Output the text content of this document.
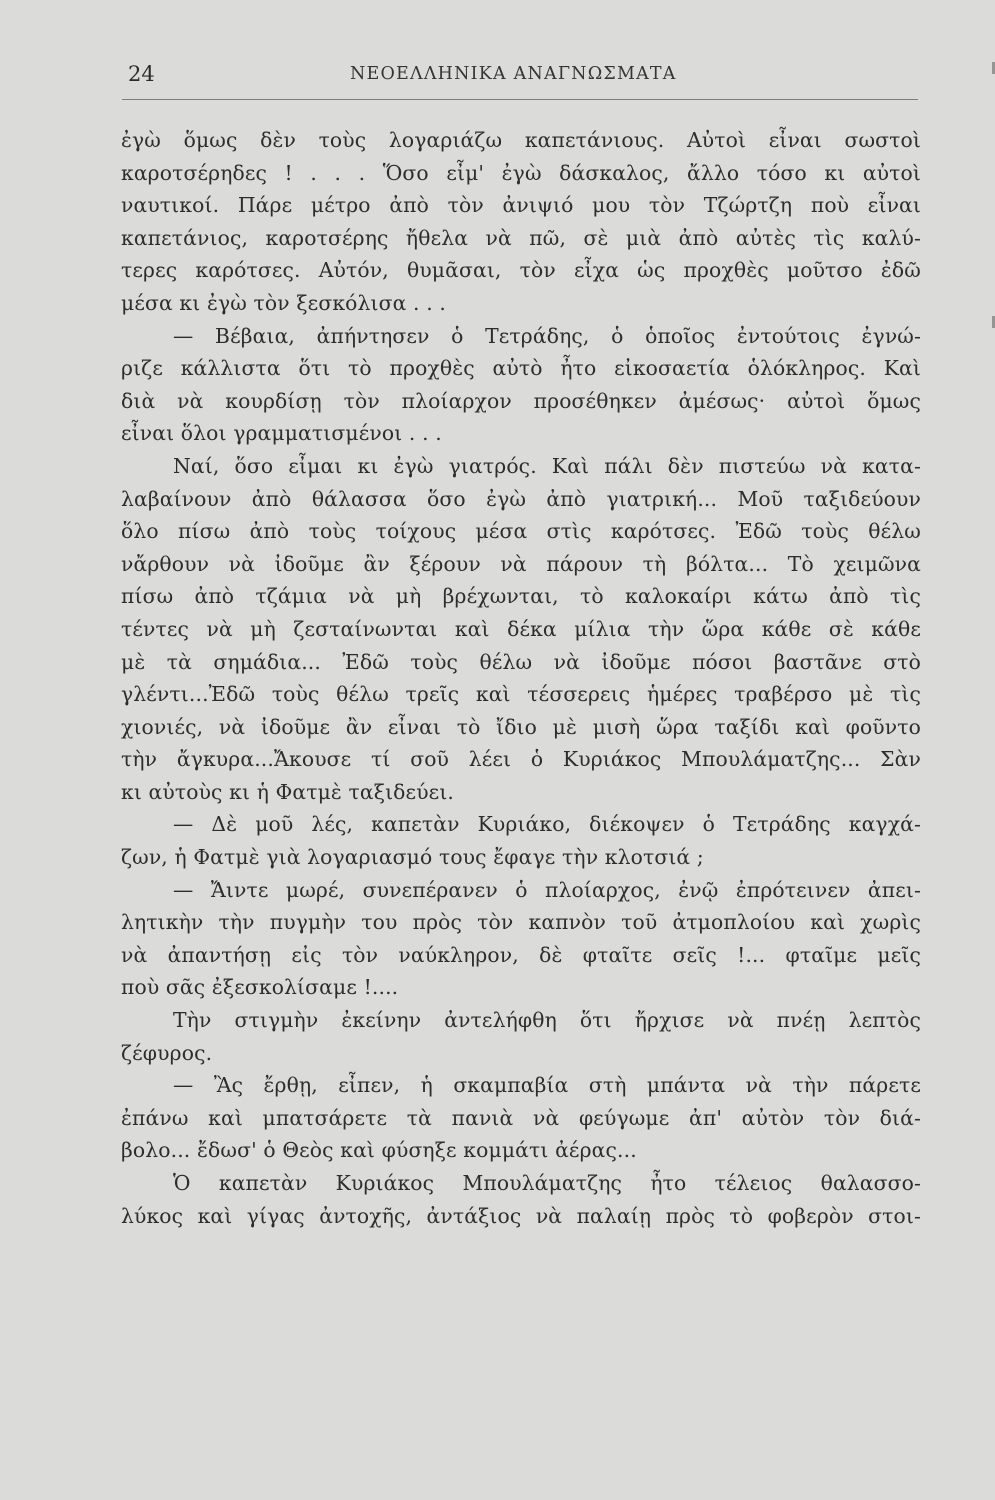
24	ΝΕΟΕΛΛΗΝΙΚΑ ΑΝΑΓΝΩΣΜΑΤΑ
ἐγὼ ὅμως δὲν τοὺς λογαριάζω καπετάνιους. Αὐτοὶ εἶναι σωστοὶ
καροτσέρηδες ! . . . Ὅσο εἶμ' ἐγὼ δάσκαλος, ἄλλο τόσο κι αὐτοὶ
ναυτικοί. Πάρε μέτρο ἀπὸ τὸν ἀνιψιό μου τὸν Τζώρτζη ποὺ εἶναι
καπετάνιος, καροτσέρης ἤθελα νὰ πῶ, σὲ μιὰ ἀπὸ αὐτὲς τὶς καλύ-
τερες καρότσες. Αὐτόν, θυμᾶσαι, τὸν εἶχα ὡς προχθὲς μοῦτσο ἐδῶ
μέσα κι ἐγὼ τὸν ξεσκόλισα . . .
— Βέβαια, ἀπήντησεν ὁ Τετράδης, ὁ ὁποῖος ἐντούτοις ἐγνώ-
ριζε κάλλιστα ὅτι τὸ προχθὲς αὐτὸ ἦτο εἰκοσαετία ὁλόκληρος. Καὶ
διὰ νὰ κουρδίσῃ τὸν πλοίαρχον προσέθηκεν ἀμέσως· αὐτοὶ ὅμως
εἶναι ὅλοι γραμματισμένοι . . .
Ναί, ὅσο εἶμαι κι ἐγὼ γιατρός. Καὶ πάλι δὲν πιστεύω νὰ κατα-
λαβαίνουν ἀπὸ θάλασσα ὅσο ἐγὼ ἀπὸ γιατρική... Μοῦ ταξιδεύουν
ὅλο πίσω ἀπὸ τοὺς τοίχους μέσα στὶς καρότσες. Ἐδῶ τοὺς θέλω
νἄρθουν νὰ ἰδοῦμε ἂν ξέρουν νὰ πάρουν τὴ βόλτα... Τὸ χειμῶνα
πίσω ἀπὸ τζάμια νὰ μὴ βρέχωνται, τὸ καλοκαίρι κάτω ἀπὸ τὶς
τέντες νὰ μὴ ζεσταίνωνται καὶ δέκα μίλια τὴν ὥρα κάθε σὲ κάθε
μὲ τὰ σημάδια... Ἐδῶ τοὺς θέλω νὰ ἰδοῦμε πόσοι βαστᾶνε στὸ
γλέντι...Ἐδῶ τοὺς θέλω τρεῖς καὶ τέσσερεις ἡμέρες τραβέρσο μὲ τὶς
χιονιές, νὰ ἰδοῦμε ἂν εἶναι τὸ ἴδιο μὲ μισὴ ὥρα ταξίδι καὶ φοῦντο
τὴν ἄγκυρα...Ἄκουσε τί σοῦ λέει ὁ Κυριάκος Μπουλάματζης... Σὰν
κι αὐτοὺς κι ἡ Φατμὲ ταξιδεύει.
— Δὲ μοῦ λές, καπετὰν Κυριάκο, διέκοψεν ὁ Τετράδης καγχά-
ζων, ἡ Φατμὲ γιὰ λογαριασμό τους ἔφαγε τὴν κλοτσιά ;
— Ἄιντε μωρέ, συνεπέρανεν ὁ πλοίαρχος, ἐνῷ ἐπρότεινεν ἀπει-
λητικὴν τὴν πυγμὴν του πρὸς τὸν καπνὸν τοῦ ἀτμοπλοίου καὶ χωρὶς
νὰ ἀπαντήσῃ εἰς τὸν ναύκληρον, δὲ φταῖτε σεῖς !... φταῖμε μεῖς
ποὺ σᾶς ἐξεσκολίσαμε !....
Τὴν στιγμὴν ἐκείνην ἀντελήφθη ὅτι ἤρχισε νὰ πνέῃ λεπτὸς
ζέφυρος.
— Ἂς ἔρθῃ, εἶπεν, ἡ σκαμπαβία στὴ μπάντα νὰ τὴν πάρετε
ἐπάνω καὶ μπατσάρετε τὰ πανιὰ νὰ φεύγωμε ἀπ' αὐτὸν τὸν διά-
βολο... ἔδωσ' ὁ Θεὸς καὶ φύσηξε κομμάτι ἀέρας...
Ὁ καπετὰν Κυριάκος Μπουλάματζης ἦτο τέλειος θαλασσο-
λύκος καὶ γίγας ἀντοχῆς, ἀντάξιος νὰ παλαίῃ πρὸς τὸ φοβερὸν στοι-
